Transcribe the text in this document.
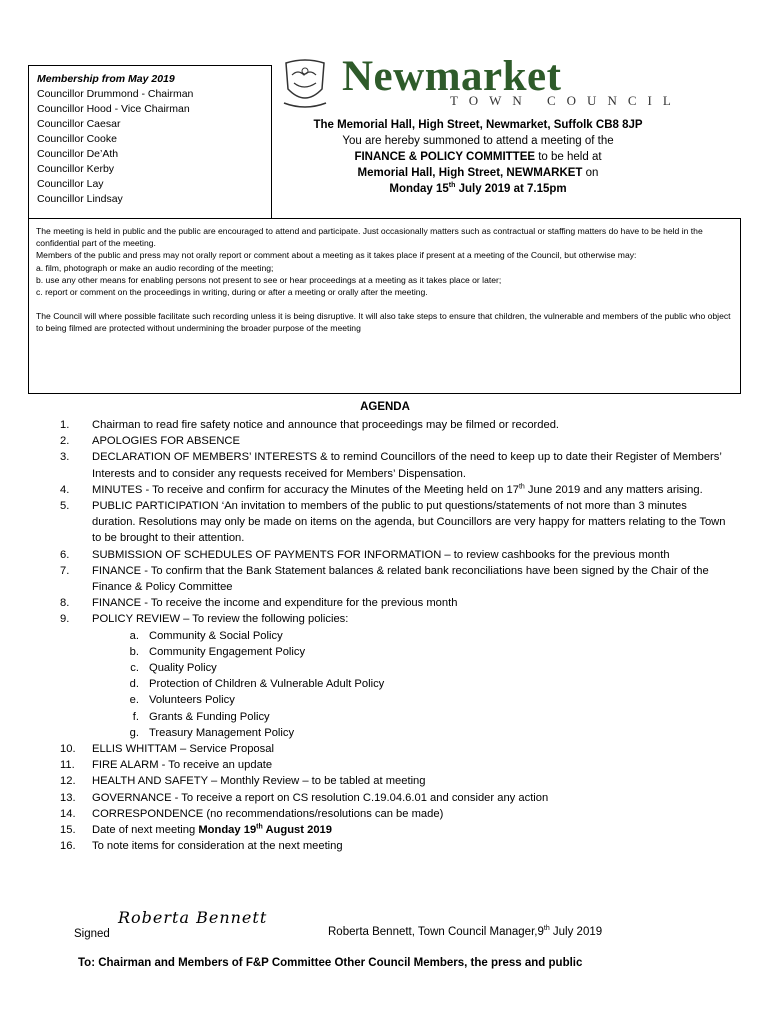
Membership from May 2019
Councillor Drummond - Chairman
Councillor Hood - Vice Chairman
Councillor Caesar
Councillor Cooke
Councillor De’Ath
Councillor Kerby
Councillor Lay
Councillor Lindsay
Newmarket
TOWN COUNCIL
The Memorial Hall, High Street, Newmarket, Suffolk CB8 8JP
You are hereby summoned to attend a meeting of the
FINANCE & POLICY COMMITTEE to be held at
Memorial Hall, High Street, NEWMARKET on
Monday 15th July 2019 at 7.15pm

The meeting is held in public and the public are encouraged to attend and participate. Just occasionally matters such as contractual or staffing matters do have to be held in the confidential part of the meeting.

Members of the public and press may not orally report or comment about a meeting as it takes place if present at a meeting of the Council, but otherwise may:

a. film, photograph or make an audio recording of the meeting;

b. use any other means for enabling persons not present to see or hear proceedings at a meeting as it takes place or later;

c. report or comment on the proceedings in writing, during or after a meeting or orally after the meeting.

The Council will where possible facilitate such recording unless it is being disruptive. It will also take steps to ensure that children, the vulnerable and members of the public who object to being filmed are protected without undermining the broader purpose of the meeting

AGENDA
1.	Chairman to read fire safety notice and announce that proceedings may be filmed or recorded.
2.	APOLOGIES FOR ABSENCE
3.	DECLARATION OF MEMBERS’ INTERESTS & to remind Councillors of the need to keep up to date their Register of Members’ Interests and to consider any requests received for Members’ Dispensation.
4.	MINUTES - To receive and confirm for accuracy the Minutes of the Meeting held on 17th June 2019 and any matters arising.
5.	PUBLIC PARTICIPATION ‘An invitation to members of the public to put questions/statements of not more than 3 minutes duration. Resolutions may only be made on items on the agenda, but Councillors are very happy for matters relating to the Town to be brought to their attention.
6.	SUBMISSION OF SCHEDULES OF PAYMENTS FOR INFORMATION – to review cashbooks for the previous month
7.	FINANCE - To confirm that the Bank Statement balances & related bank reconciliations have been signed by the Chair of the Finance & Policy Committee
8.	FINANCE - To receive the income and expenditure for the previous month
9.	POLICY REVIEW – To review the following policies:
a. Community & Social Policy
b. Community Engagement Policy
c. Quality Policy
d. Protection of Children & Vulnerable Adult Policy
e. Volunteers Policy
f. Grants & Funding Policy
g. Treasury Management Policy
10.	ELLIS WHITTAM – Service Proposal
11.	FIRE ALARM - To receive an update
12.	HEALTH AND SAFETY – Monthly Review – to be tabled at meeting
13.	GOVERNANCE - To receive a report on CS resolution C.19.04.6.01 and consider any action
14.	CORRESPONDENCE (no recommendations/resolutions can be made)
15.	Date of next meeting Monday 19th August 2019
16.	To note items for consideration at the next meeting
Signed
Roberta Bennett
Roberta Bennett, Town Council Manager,9th July 2019
To: Chairman and Members of F&P Committee Other Council Members, the press and public
